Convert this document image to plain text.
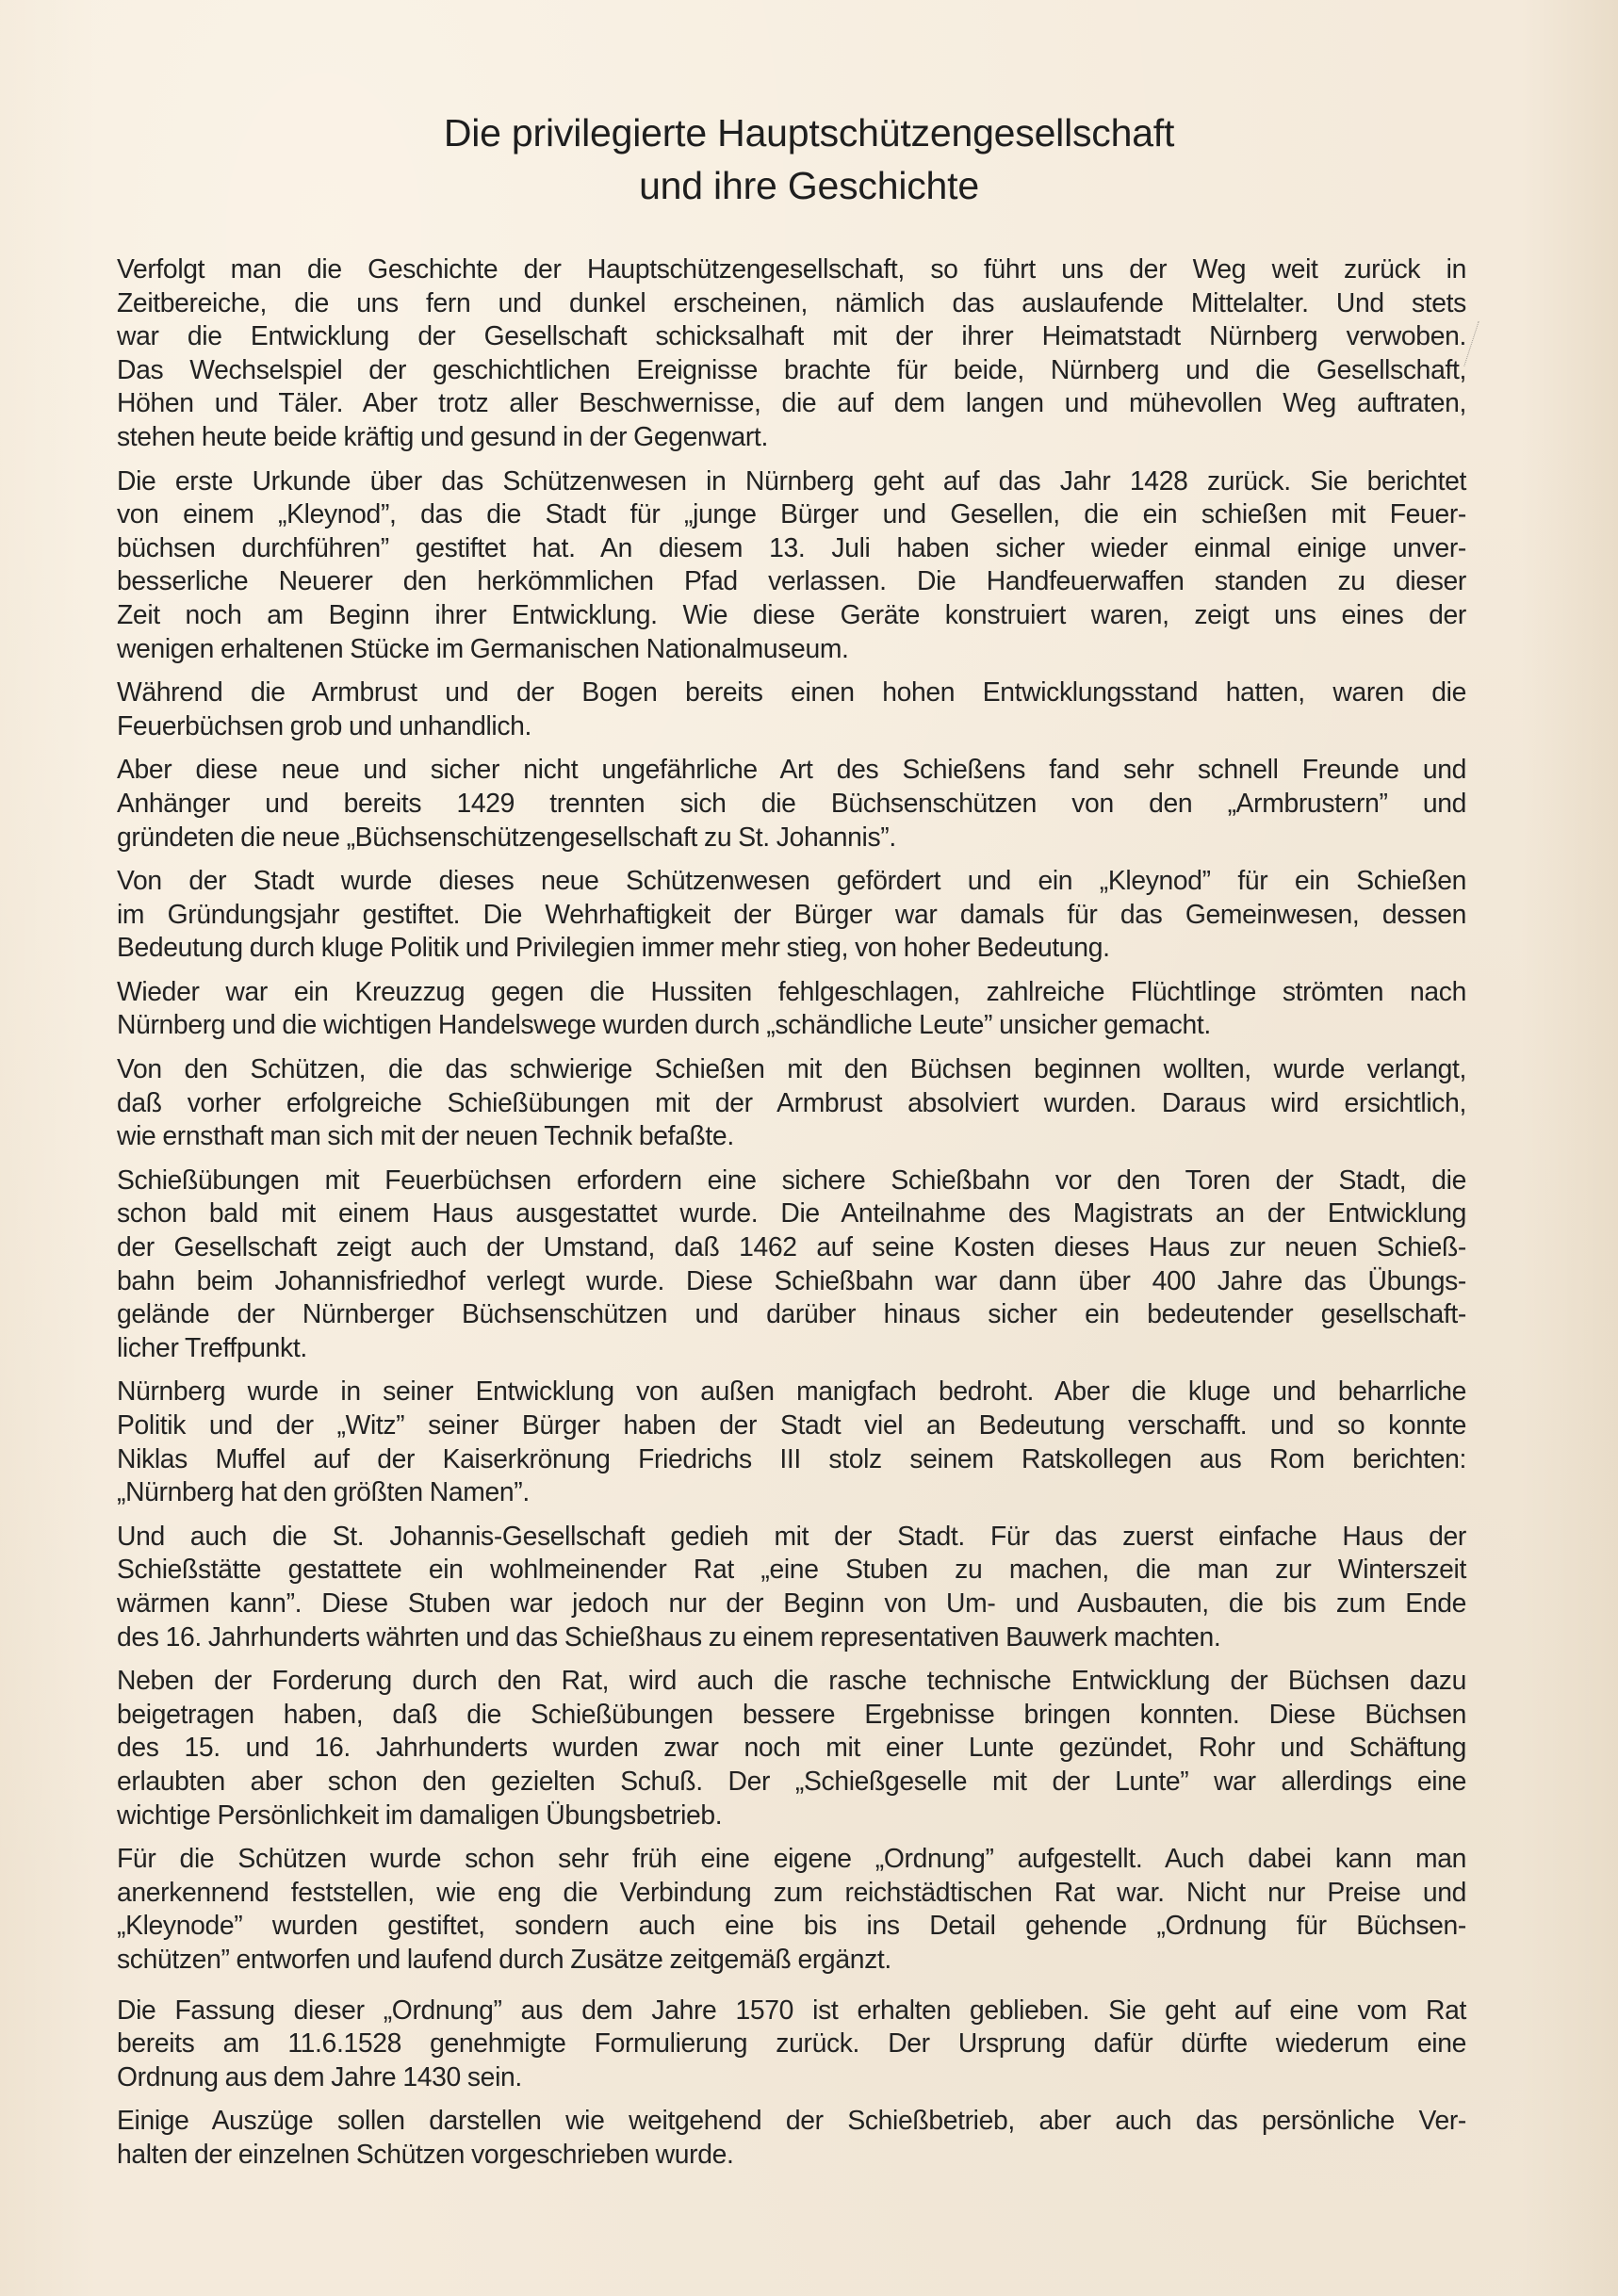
Die privilegierte Hauptschützengesellschaft
und ihre Geschichte
Verfolgt man die Geschichte der Hauptschützengesellschaft, so führt uns der Weg weit zurück in
Zeitbereiche, die uns fern und dunkel erscheinen, nämlich das auslaufende Mittelalter. Und stets
war die Entwicklung der Gesellschaft schicksalhaft mit der ihrer Heimatstadt Nürnberg verwoben.
Das Wechselspiel der geschichtlichen Ereignisse brachte für beide, Nürnberg und die Gesellschaft,
Höhen und Täler. Aber trotz aller Beschwernisse, die auf dem langen und mühevollen Weg auftraten,
stehen heute beide kräftig und gesund in der Gegenwart.
Die erste Urkunde über das Schützenwesen in Nürnberg geht auf das Jahr 1428 zurück. Sie berichtet
von einem „Kleynod”, das die Stadt für „junge Bürger und Gesellen, die ein schießen mit Feuer-
büchsen durchführen” gestiftet hat. An diesem 13. Juli haben sicher wieder einmal einige unver-
besserliche Neuerer den herkömmlichen Pfad verlassen. Die Handfeuerwaffen standen zu dieser
Zeit noch am Beginn ihrer Entwicklung. Wie diese Geräte konstruiert waren, zeigt uns eines der
wenigen erhaltenen Stücke im Germanischen Nationalmuseum.
Während die Armbrust und der Bogen bereits einen hohen Entwicklungsstand hatten, waren die
Feuerbüchsen grob und unhandlich.
Aber diese neue und sicher nicht ungefährliche Art des Schießens fand sehr schnell Freunde und
Anhänger und bereits 1429 trennten sich die Büchsenschützen von den „Armbrustern” und
gründeten die neue „Büchsenschützengesellschaft zu St. Johannis”.
Von der Stadt wurde dieses neue Schützenwesen gefördert und ein „Kleynod” für ein Schießen
im Gründungsjahr gestiftet. Die Wehrhaftigkeit der Bürger war damals für das Gemeinwesen, dessen
Bedeutung durch kluge Politik und Privilegien immer mehr stieg, von hoher Bedeutung.
Wieder war ein Kreuzzug gegen die Hussiten fehlgeschlagen, zahlreiche Flüchtlinge strömten nach
Nürnberg und die wichtigen Handelswege wurden durch „schändliche Leute” unsicher gemacht.
Von den Schützen, die das schwierige Schießen mit den Büchsen beginnen wollten, wurde verlangt,
daß vorher erfolgreiche Schießübungen mit der Armbrust absolviert wurden. Daraus wird ersichtlich,
wie ernsthaft man sich mit der neuen Technik befaßte.
Schießübungen mit Feuerbüchsen erfordern eine sichere Schießbahn vor den Toren der Stadt, die
schon bald mit einem Haus ausgestattet wurde. Die Anteilnahme des Magistrats an der Entwicklung
der Gesellschaft zeigt auch der Umstand, daß 1462 auf seine Kosten dieses Haus zur neuen Schieß-
bahn beim Johannisfriedhof verlegt wurde. Diese Schießbahn war dann über 400 Jahre das Übungs-
gelände der Nürnberger Büchsenschützen und darüber hinaus sicher ein bedeutender gesellschaft-
licher Treffpunkt.
Nürnberg wurde in seiner Entwicklung von außen manigfach bedroht. Aber die kluge und beharrliche
Politik und der „Witz” seiner Bürger haben der Stadt viel an Bedeutung verschafft. und so konnte
Niklas Muffel auf der Kaiserkrönung Friedrichs III stolz seinem Ratskollegen aus Rom berichten:
„Nürnberg hat den größten Namen”.
Und auch die St. Johannis-Gesellschaft gedieh mit der Stadt. Für das zuerst einfache Haus der
Schießstätte gestattete ein wohlmeinender Rat „eine Stuben zu machen, die man zur Winterszeit
wärmen kann”. Diese Stuben war jedoch nur der Beginn von Um- und Ausbauten, die bis zum Ende
des 16. Jahrhunderts währten und das Schießhaus zu einem representativen Bauwerk machten.
Neben der Forderung durch den Rat, wird auch die rasche technische Entwicklung der Büchsen dazu
beigetragen haben, daß die Schießübungen bessere Ergebnisse bringen konnten. Diese Büchsen
des 15. und 16. Jahrhunderts wurden zwar noch mit einer Lunte gezündet, Rohr und Schäftung
erlaubten aber schon den gezielten Schuß. Der „Schießgeselle mit der Lunte” war allerdings eine
wichtige Persönlichkeit im damaligen Übungsbetrieb.
Für die Schützen wurde schon sehr früh eine eigene „Ordnung” aufgestellt. Auch dabei kann man
anerkennend feststellen, wie eng die Verbindung zum reichstädtischen Rat war. Nicht nur Preise und
„Kleynode” wurden gestiftet, sondern auch eine bis ins Detail gehende „Ordnung für Büchsen-
schützen” entworfen und laufend durch Zusätze zeitgemäß ergänzt.
Die Fassung dieser „Ordnung” aus dem Jahre 1570 ist erhalten geblieben. Sie geht auf eine vom Rat
bereits am 11.6.1528 genehmigte Formulierung zurück. Der Ursprung dafür dürfte wiederum eine
Ordnung aus dem Jahre 1430 sein.
Einige Auszüge sollen darstellen wie weitgehend der Schießbetrieb, aber auch das persönliche Ver-
halten der einzelnen Schützen vorgeschrieben wurde.
